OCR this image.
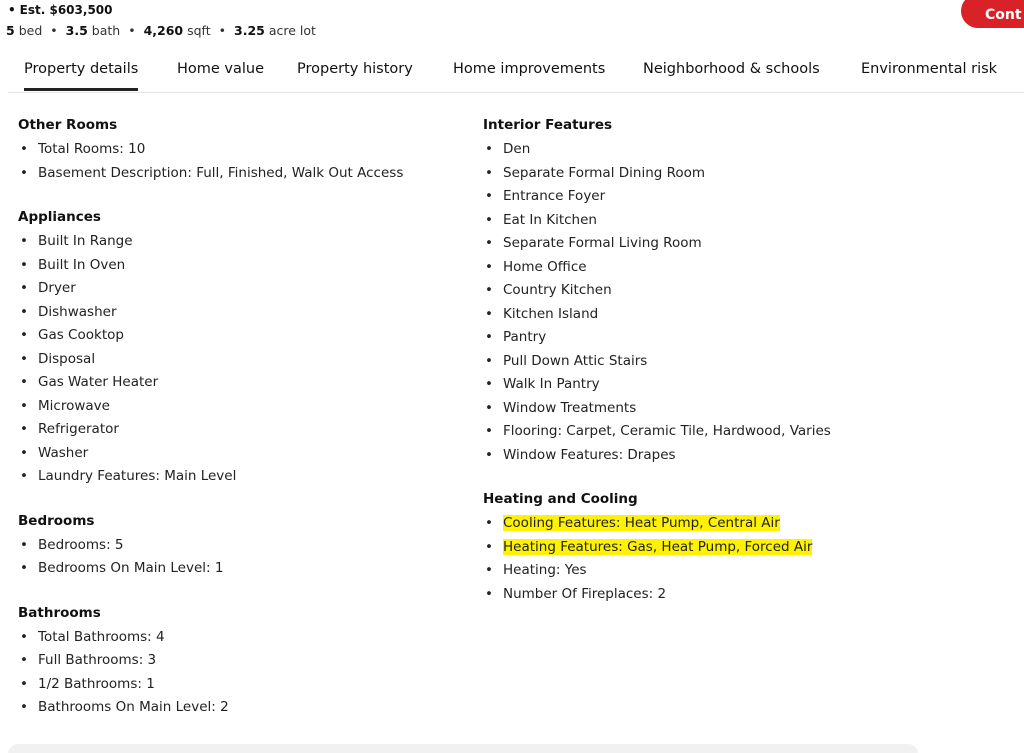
• Est. $603,500
5 bed • 3.5 bath • 4,260 sqft • 3.25 acre lot
Cont
Property details	Home value Property history	Home improvements	Neighborhood & schools	Environmental risk
Other Rooms
• Total Rooms: 10
• Basement Description: Full, Finished, Walk Out Access
Appliances
• Built In Range
• Built In Oven
• Dryer
• Dishwasher
• Gas Cooktop
• Disposal
• Gas Water Heater
• Microwave
• Refrigerator
• Washer
• Laundry Features: Main Level
Bedrooms
• Bedrooms: 5
• Bedrooms On Main Level: 1
Bathrooms
• Total Bathrooms: 4
• Full Bathrooms: 3
• 1/2 Bathrooms: 1
• Bathrooms On Main Level: 2
Interior Features
• Den
• Separate Formal Dining Room
• Entrance Foyer
• Eat In Kitchen
• Separate Formal Living Room
• Home Office
• Country Kitchen
• Kitchen Island
• Pantry
• Pull Down Attic Stairs
• Walk In Pantry
• Window Treatments
• Flooring: Carpet, Ceramic Tile, Hardwood, Varies
• Window Features: Drapes
Heating and Cooling
• Cooling Features: Heat Pump, Central Air
• Heating Features: Gas, Heat Pump, Forced Air
• Heating: Yes
• Number Of Fireplaces: 2
